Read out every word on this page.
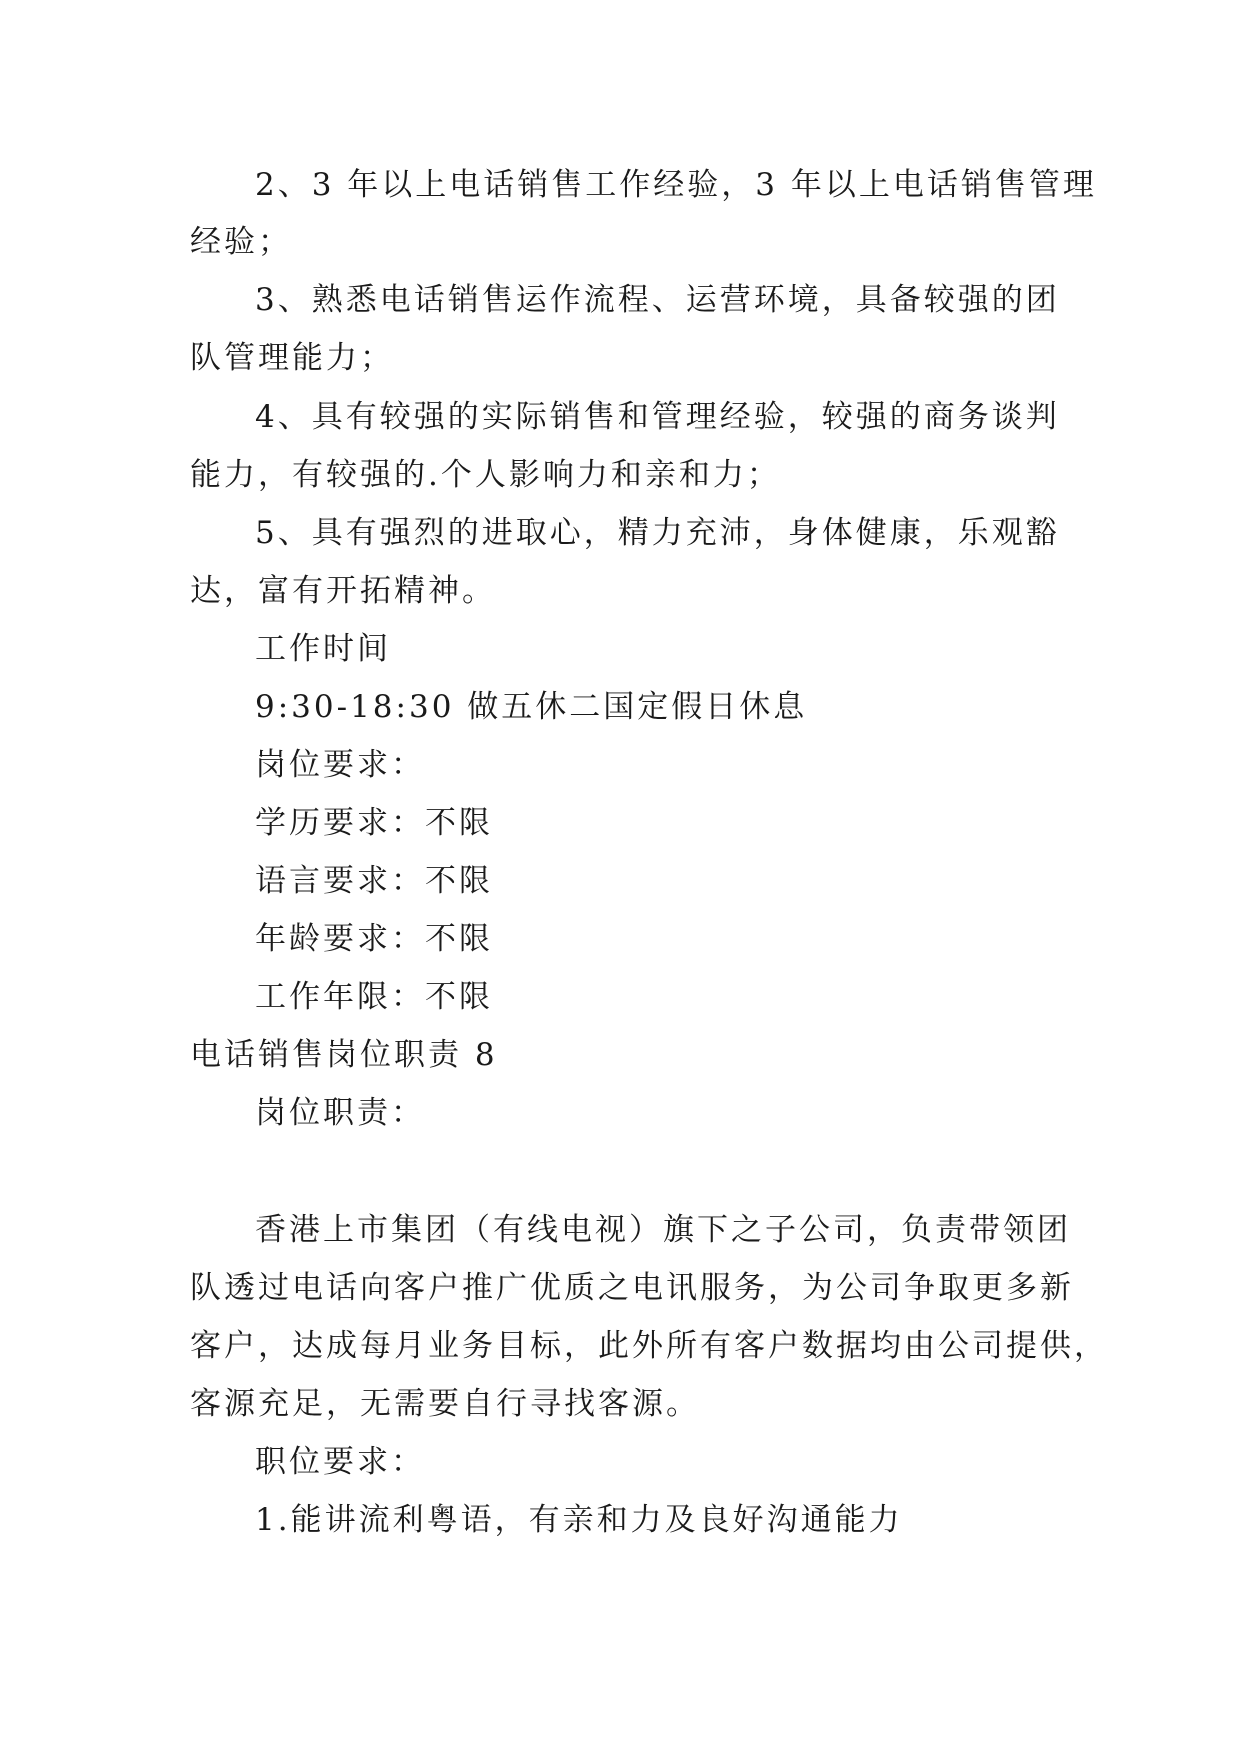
2、3 年以上电话销售工作经验，3 年以上电话销售管理
经验；
3、熟悉电话销售运作流程、运营环境，具备较强的团
队管理能力；
4、具有较强的实际销售和管理经验，较强的商务谈判
能力，有较强的.个人影响力和亲和力；
5、具有强烈的进取心，精力充沛，身体健康，乐观豁
达，富有开拓精神。
工作时间
9:30-18:30 做五休二国定假日休息
岗位要求：
学历要求：不限
语言要求：不限
年龄要求：不限
工作年限：不限
电话销售岗位职责 8
岗位职责：
香港上市集团（有线电视）旗下之子公司，负责带领团
队透过电话向客户推广优质之电讯服务，为公司争取更多新
客户，达成每月业务目标，此外所有客户数据均由公司提供，
客源充足，无需要自行寻找客源。
职位要求：
1.能讲流利粤语，有亲和力及良好沟通能力
